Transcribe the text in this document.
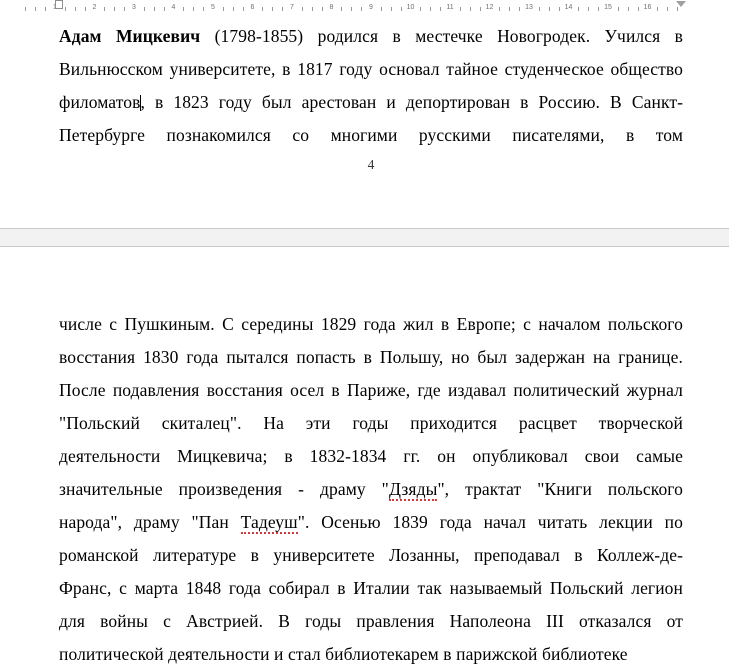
2	3	4	5	6	7	8	9	10	11	12	13	14	15	16

Адам Мицкевич (1798-1855) родился в местечке Новогродек. Учился в Вильнюсском университете, в 1817 году основал тайное студенческое общество филоматов, в 1823 году был арестован и депортирован в Россию. В Санкт-Петербурге познакомился со многими русскими писателями, в том

4

числе с Пушкиным. С середины 1829 года жил в Европе; с началом польского
восстания 1830 года пытался попасть в Польшу, но был задержан на границе.
После подавления восстания осел в Париже, где издавал политический журнал
"Польский скиталец". На эти годы приходится расцвет творческой
деятельности Мицкевича; в 1832-1834 гг. он опубликовал свои самые
значительные произведения - драму "Дзяды", трактат "Книги польского
народа", драму "Пан Тадеуш". Осенью 1839 года начал читать лекции по
романской литературе в университете Лозанны, преподавал в Коллеж-де-
Франс, с марта 1848 года собирал в Италии так называемый Польский легион
для войны с Австрией. В годы правления Наполеона III отказался от
политической деятельности и стал библиотекарем в парижской библиотеке
